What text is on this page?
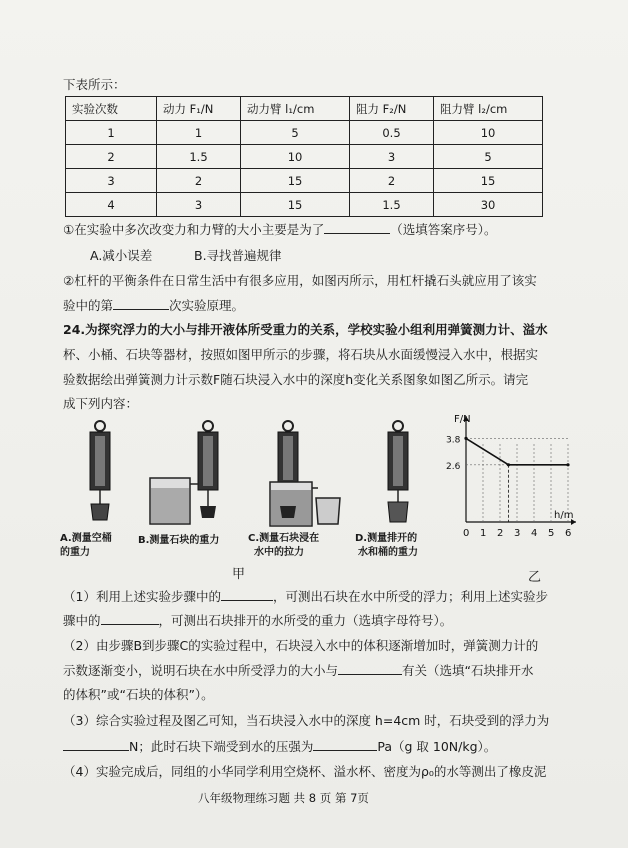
下表所示：
实验次数	动力 F₁/N	动力臂 l₁/cm	阻力 F₂/N	阻力臂 l₂/cm
1	1	5	0.5	10
2	1.5	10	3	5
3	2	15	2	15
4	3	15	1.5	30
①在实验中多次改变力和力臂的大小主要是为了	（选填答案序号）。
A.减小误差	B.寻找普遍规律
②杠杆的平衡条件在日常生活中有很多应用，如图丙所示，用杠杆撬石头就应用了该实
验中的第	次实验原理。
24.为探究浮力的大小与排开液体所受重力的关系，学校实验小组利用弹簧测力计、溢水
杯、小桶、石块等器材，按照如图甲所示的步骤，将石块从水面缓慢浸入水中，根据实
验数据绘出弹簧测力计示数F随石块浸入水中的深度h变化关系图象如图乙所示。请完
成下列内容：
A.测量空桶
的重力
B.测量石块的重力	C.测量石块浸在
水中的拉力
D.测量排开的
水和桶的重力
甲	乙
0 1 2 3 4 5 6
2.6
3.8
F/N
h/m
（1）利用上述实验步骤中的	，可测出石块在水中所受的浮力；利用上述实验步
骤中的	，可测出石块排开的水所受的重力（选填字母符号）。
（2）由步骤B到步骤C的实验过程中，石块浸入水中的体积逐渐增加时，弹簧测力计的
示数逐渐变小，说明石块在水中所受浮力的大小与	有关（选填“石块排开水
的体积”或“石块的体积”）。
（3）综合实验过程及图乙可知，当石块浸入水中的深度 h=4cm 时，石块受到的浮力为
N；此时石块下端受到水的压强为	Pa（g 取 10N/kg）。
（4）实验完成后，同组的小华同学利用空烧杯、溢水杯、密度为ρ₀的水等测出了橡皮泥
八年级物理练习题 共 8 页 第 7页
